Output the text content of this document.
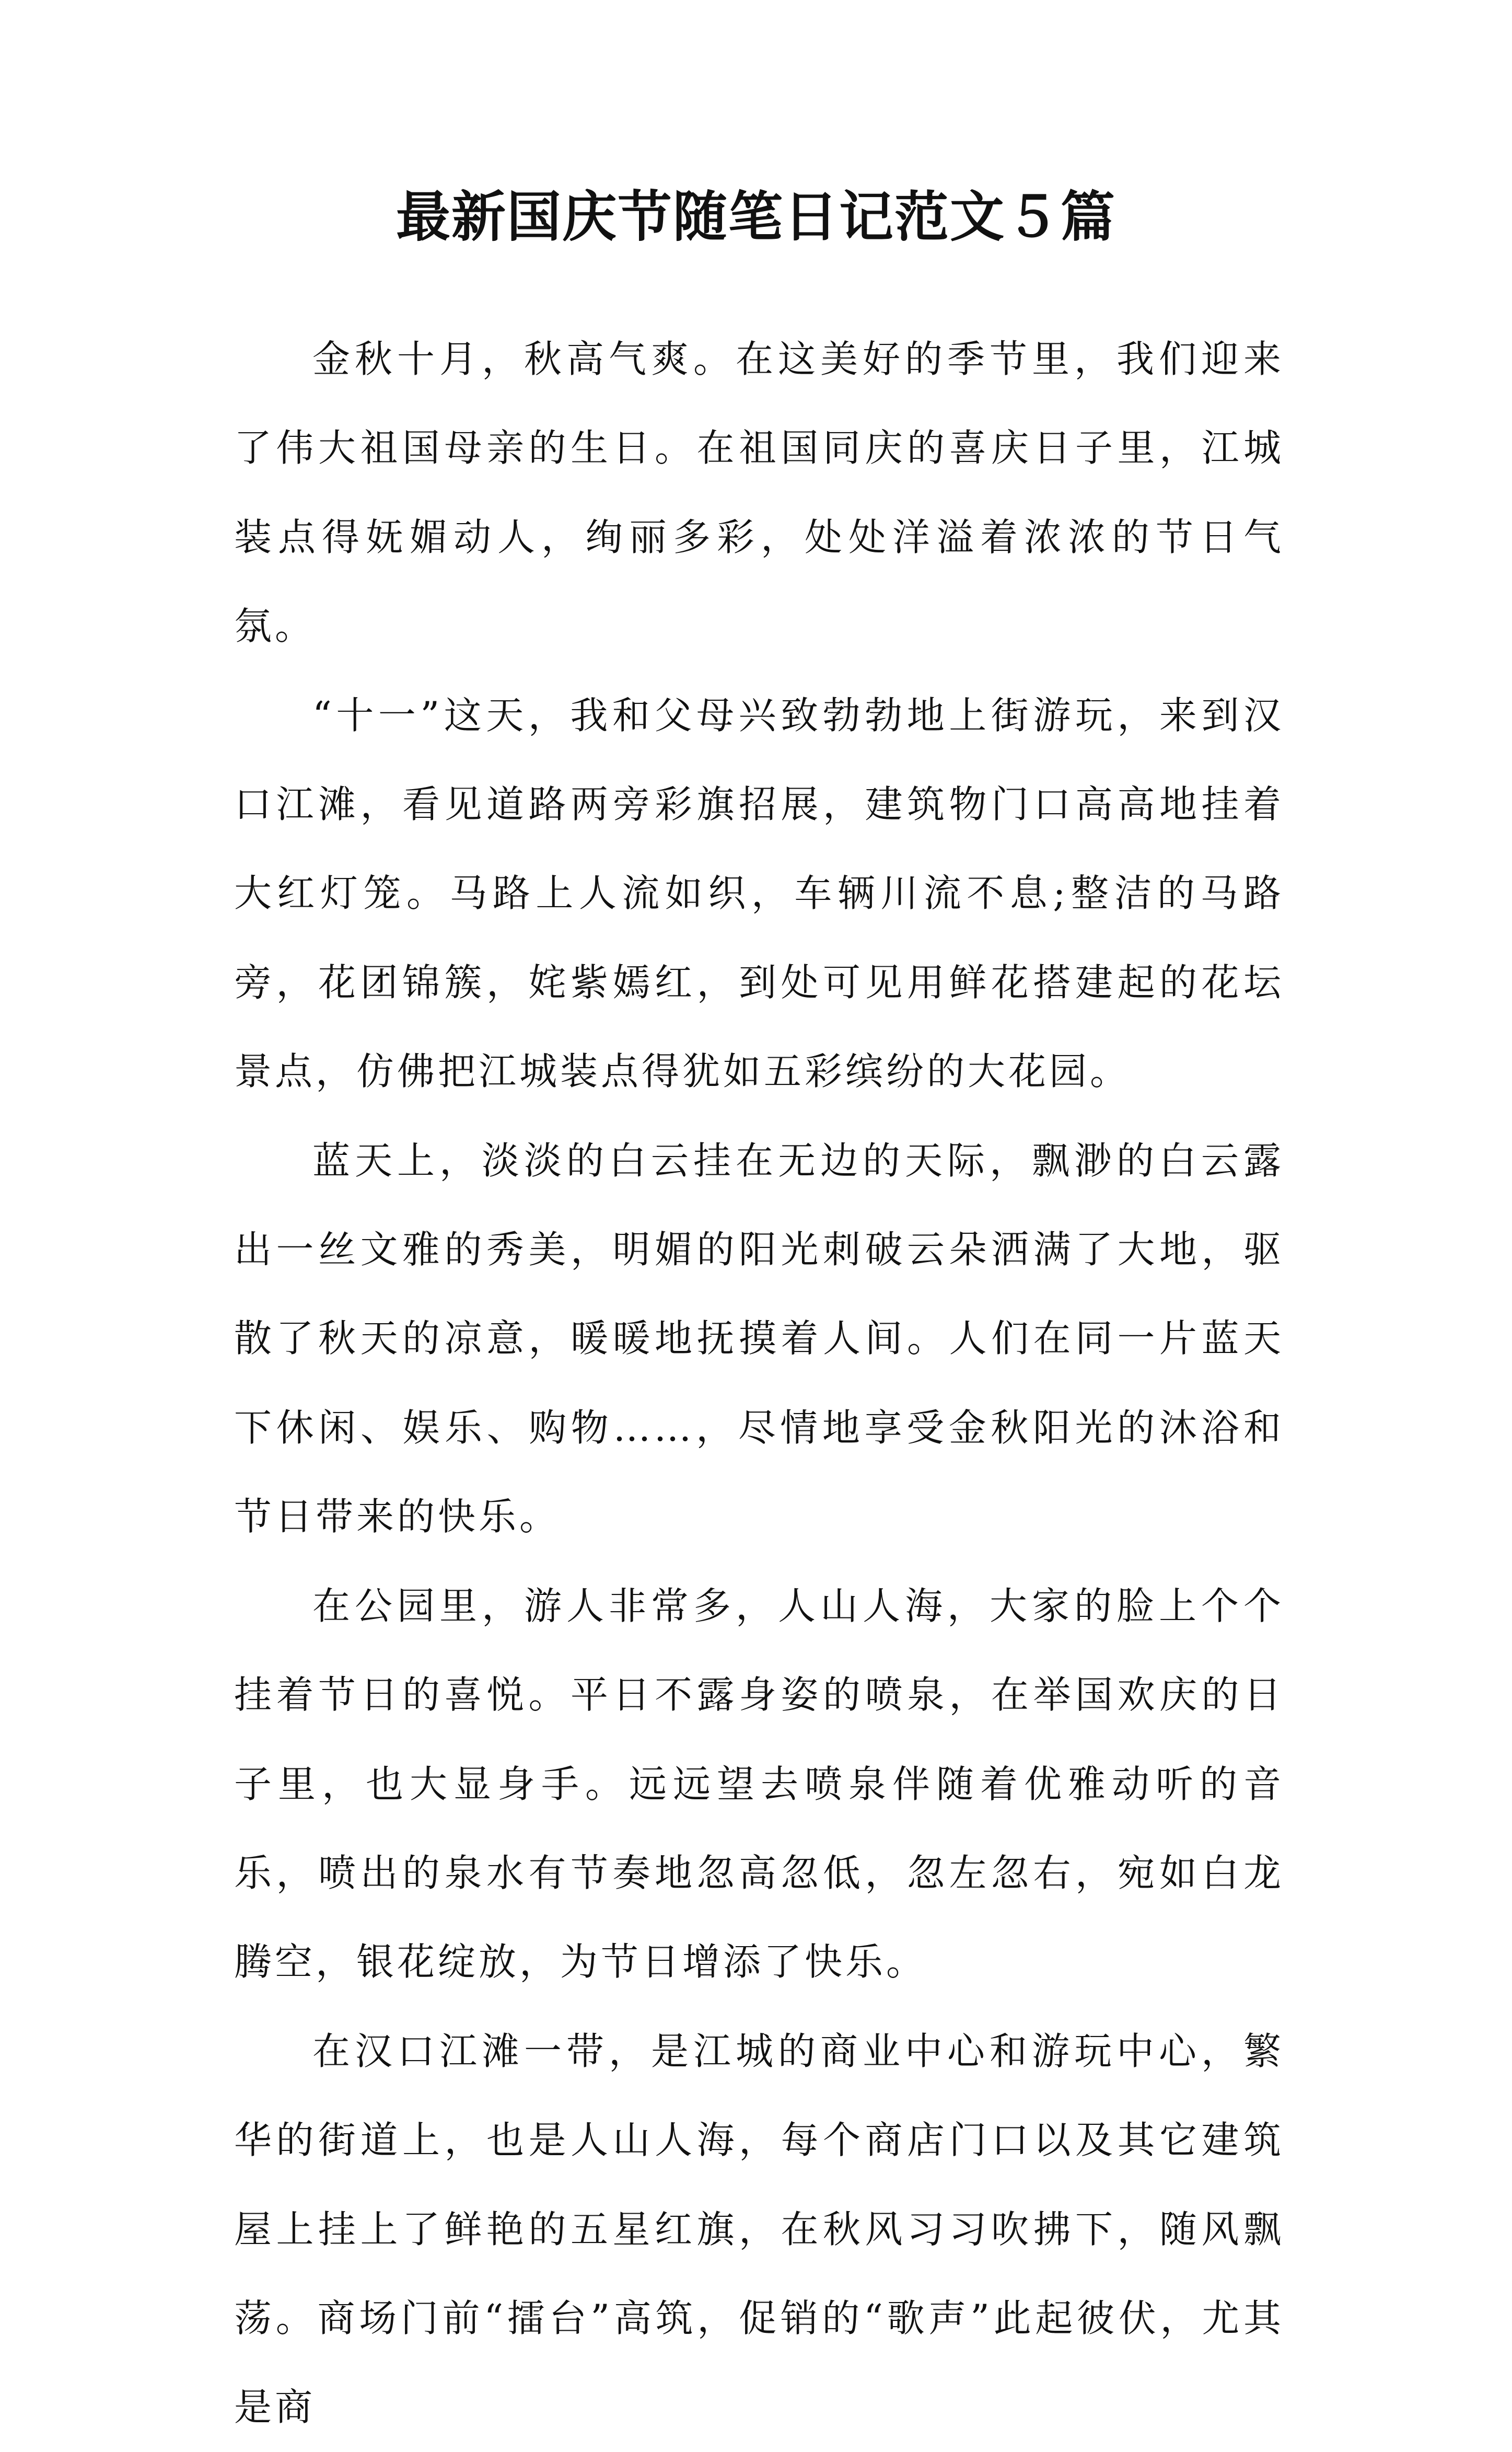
最新国庆节随笔日记范文５篇

金秋十月，秋高气爽。在这美好的季节里，我们迎来了伟大祖国母亲的生日。在祖国同庆的喜庆日子里，江城装点得妩媚动人，绚丽多彩，处处洋溢着浓浓的节日气氛。

“十一”这天，我和父母兴致勃勃地上街游玩，来到汉口江滩，看见道路两旁彩旗招展，建筑物门口高高地挂着大红灯笼。马路上人流如织，车辆川流不息;整洁的马路旁，花团锦簇，姹紫嫣红，到处可见用鲜花搭建起的花坛景点，仿佛把江城装点得犹如五彩缤纷的大花园。

蓝天上，淡淡的白云挂在无边的天际，飘渺的白云露出一丝文雅的秀美，明媚的阳光刺破云朵洒满了大地，驱散了秋天的凉意，暖暖地抚摸着人间。人们在同一片蓝天下休闲、娱乐、购物……，尽情地享受金秋阳光的沐浴和节日带来的快乐。

在公园里，游人非常多，人山人海，大家的脸上个个挂着节日的喜悦。平日不露身姿的喷泉，在举国欢庆的日子里，也大显身手。远远望去喷泉伴随着优雅动听的音乐，喷出的泉水有节奏地忽高忽低，忽左忽右，宛如白龙腾空，银花绽放，为节日增添了快乐。

在汉口江滩一带，是江城的商业中心和游玩中心，繁华的街道上，也是人山人海，每个商店门口以及其它建筑屋上挂上了鲜艳的五星红旗，在秋风习习吹拂下，随风飘荡。商场门前“擂台”高筑，促销的“歌声”此起彼伏，尤其是商
